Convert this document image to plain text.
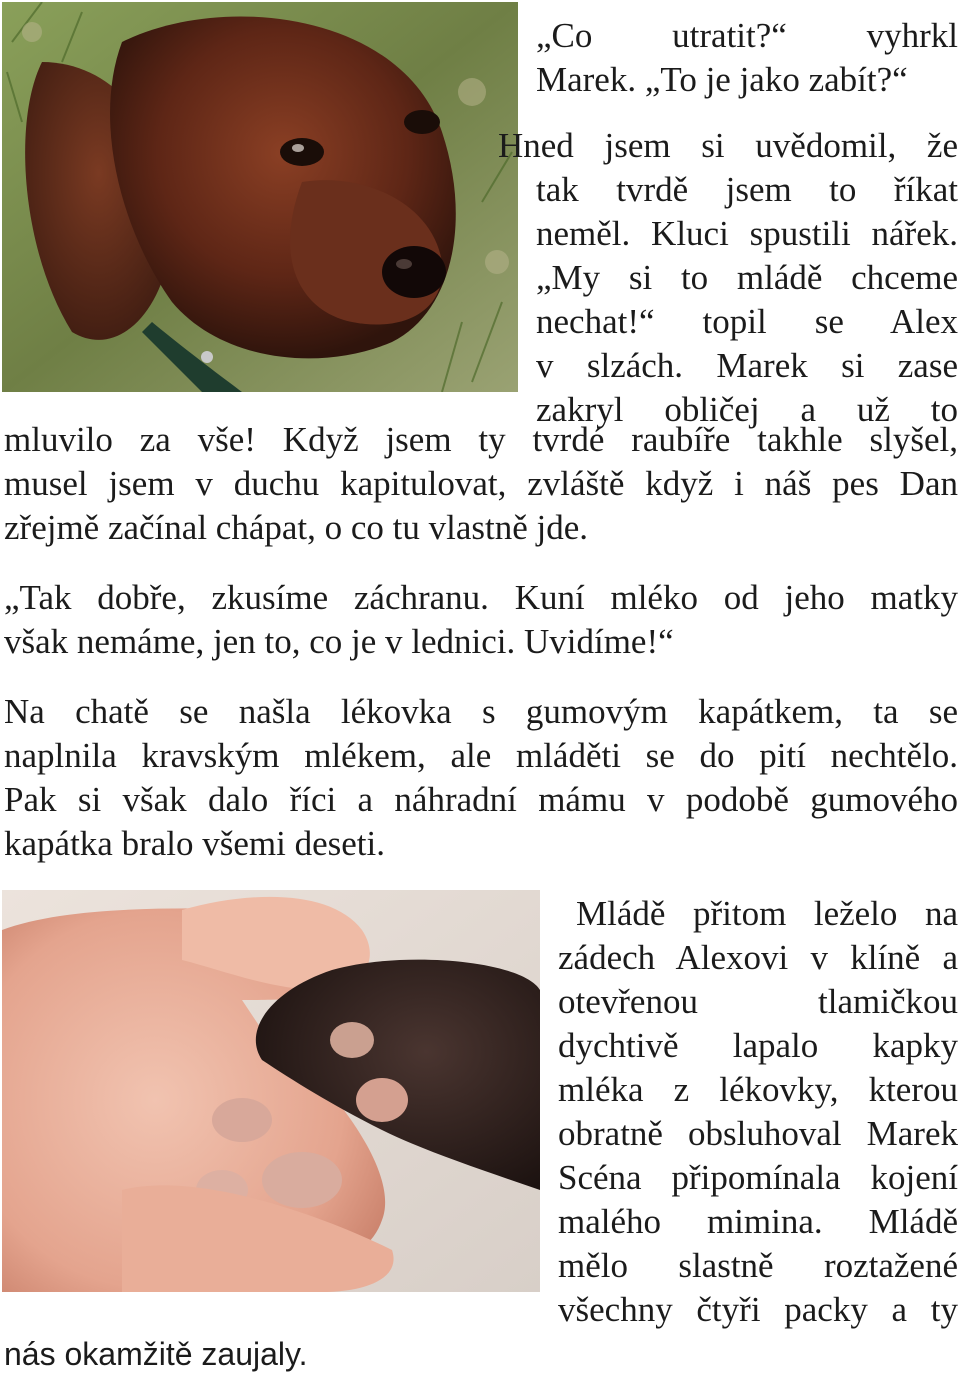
„Co utratit?“ vyhrkl
Marek. „To je jako zabít?“

Hned jsem si uvědomil, že

tak tvrdě jsem to říkat
neměl. Kluci spustili nářek.
„My si to mládě chceme
nechat!“ topil se Alex
v slzách. Marek si zase
zakryl obličej a už to

mluvilo za vše! Když jsem ty tvrdé raubíře takhle slyšel,
musel jsem v duchu kapitulovat, zvláště když i náš pes Dan
zřejmě začínal chápat, o co tu vlastně jde.

„Tak dobře, zkusíme záchranu. Kuní mléko od jeho matky
však nemáme, jen to, co je v lednici. Uvidíme!“

Na chatě se našla lékovka s gumovým kapátkem, ta se
naplnila kravským mlékem, ale mláděti se do pití nechtělo.
Pak si však dalo říci a náhradní mámu v podobě gumového
kapátka bralo všemi deseti.

Mládě přitom leželo na
zádech Alexovi v klíně a
otevřenou tlamičkou
dychtivě lapalo kapky
mléka z lékovky, kterou
obratně obsluhoval Marek
Scéna připomínala kojení
malého mimina. Mládě
mělo slastně roztažené
všechny čtyři packy a ty

nás okamžitě zaujaly.
